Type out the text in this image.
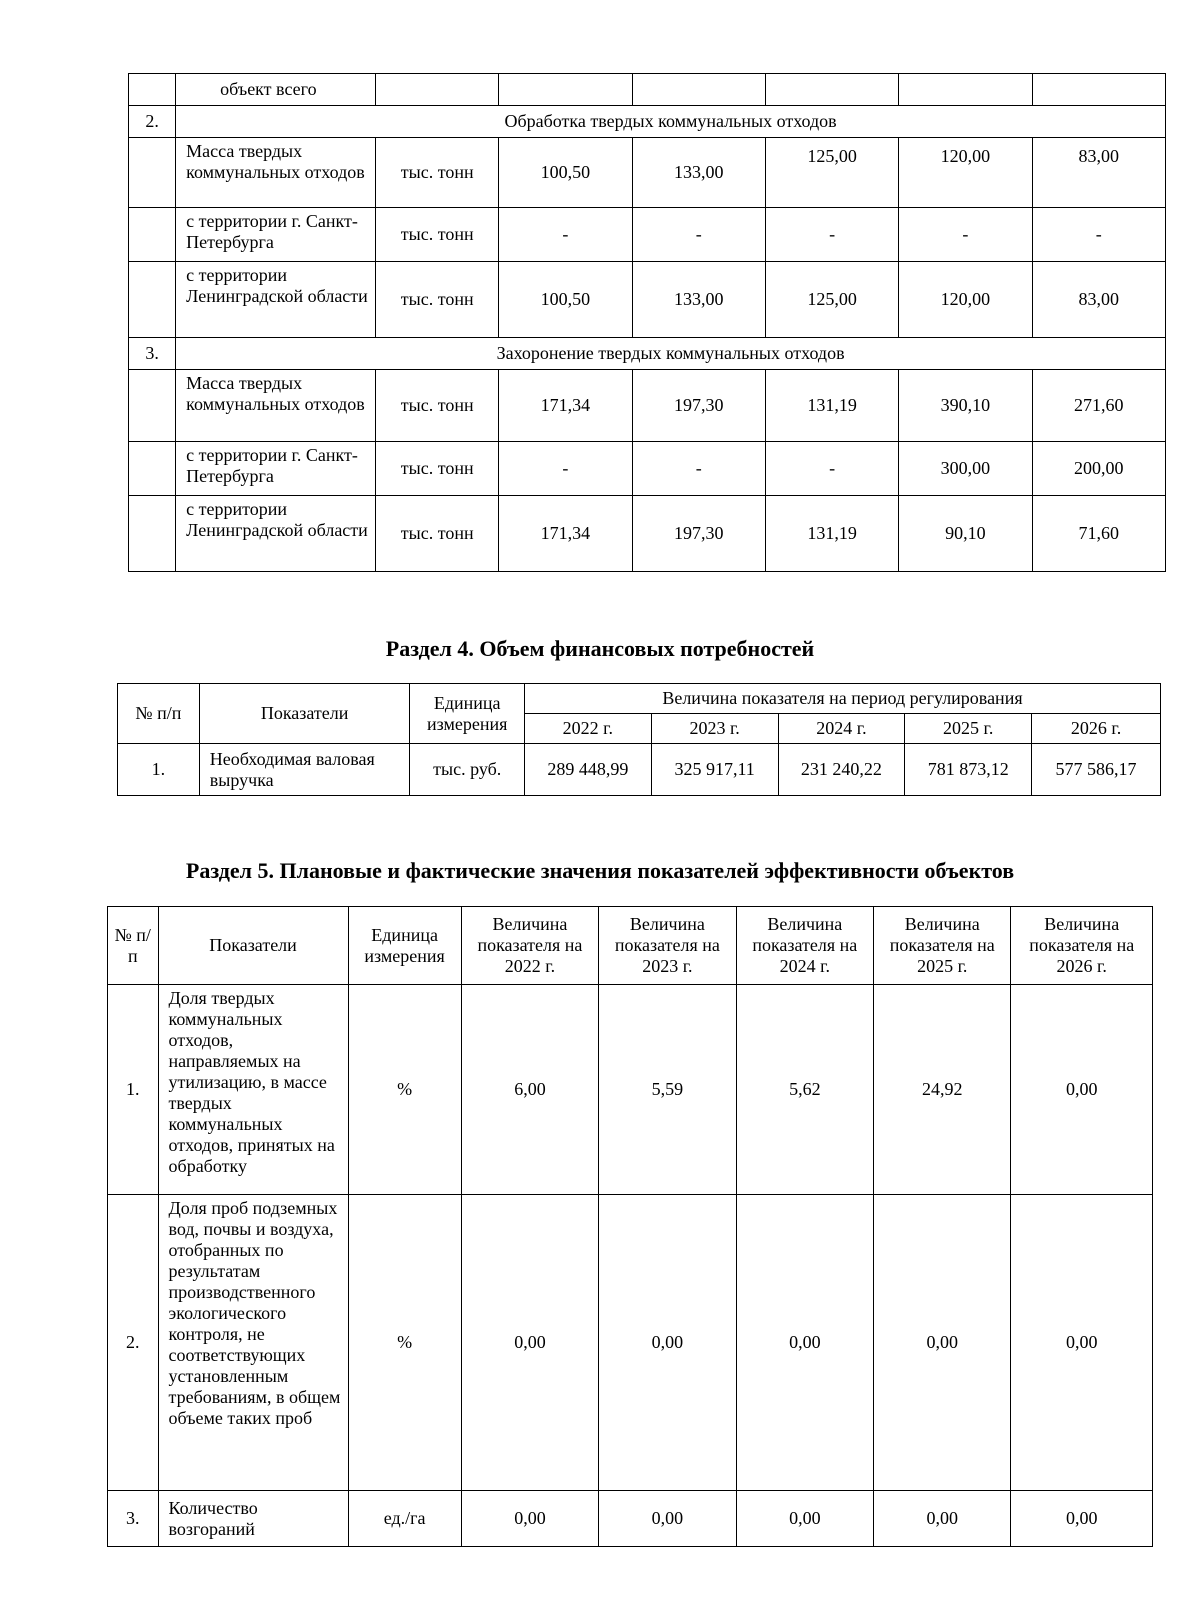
	объект всего						
2.	Обработка твердых коммунальных отходов						
	Масса твердых коммунальных отходов	тыс. тонн	100,50	133,00	125,00	120,00	83,00
	с территории г. Санкт-Петербурга	тыс. тонн	-	-	-	-	-
	с территории Ленинградской области	тыс. тонн	100,50	133,00	125,00	120,00	83,00
3.	Захоронение твердых коммунальных отходов						
	Масса твердых коммунальных отходов	тыс. тонн	171,34	197,30	131,19	390,10	271,60
	с территории г. Санкт-Петербурга	тыс. тонн	-	-	-	300,00	200,00
	с территории Ленинградской области	тыс. тонн	171,34	197,30	131,19	90,10	71,60
Раздел 4. Объем финансовых потребностей
№ п/п	Показатели	Единица измерения	Величина показателя на период регулирования				
			2022 г.	2023 г.	2024 г.	2025 г.	2026 г.
1.	Необходимая валовая выручка	тыс. руб.	289 448,99	325 917,11	231 240,22	781 873,12	577 586,17
Раздел 5. Плановые и фактические значения показателей эффективности объектов
№ п/п	Показатели	Единица измерения	Величина показателя на 2022 г.	Величина показателя на 2023 г.	Величина показателя на 2024 г.	Величина показателя на 2025 г.	Величина показателя на 2026 г.
1.	Доля твердых коммунальных отходов, направляемых на утилизацию, в массе твердых коммунальных отходов, принятых на обработку	%	6,00	5,59	5,62	24,92	0,00
2.	Доля проб подземных вод, почвы и воздуха, отобранных по результатам производственного экологического контроля, не соответствующих установленным требованиям, в общем объеме таких проб	%	0,00	0,00	0,00	0,00	0,00
3.	Количество возгораний	ед./га	0,00	0,00	0,00	0,00	0,00
